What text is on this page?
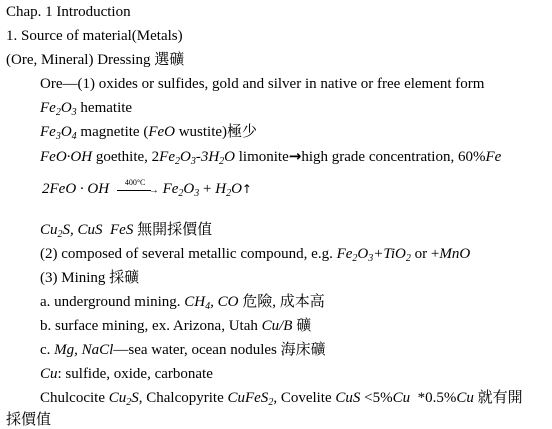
Chap. 1 Introduction
1. Source of material(Metals)
(Ore, Mineral) Dressing 選礦
Ore—(1) oxides or sulfides, gold and silver in native or free element form
$Fe_2O_3$ hematite
$Fe_3O_4$ magnetite (FeO wustite)極少
FeO·OH goethite, $2Fe_2O_3-3H_2O$ limonite→high grade concentration, 60%Fe
2FeO · OH 400°C
→ $Fe_2O_3$ + $H_2O↑$
$Cu_2S$, CuS  FeS 無開採價值
(2) composed of several metallic compound, e.g. $Fe_2O_3+TiO_2$ or +MnO
(3) Mining 採礦
a. underground mining. $CH_4$, CO 危險, 成本高
b. surface mining, ex. Arizona, Utah Cu/B 礦
c. Mg, NaCl—sea water, ocean nodules 海床礦
Cu: sulfide, oxide, carbonate
Chulcocite $Cu_2S$, Chalcopyrite CuFeS$_2$, Covelite CuS <5%Cu  *0.5%Cu 就有開
採價值
